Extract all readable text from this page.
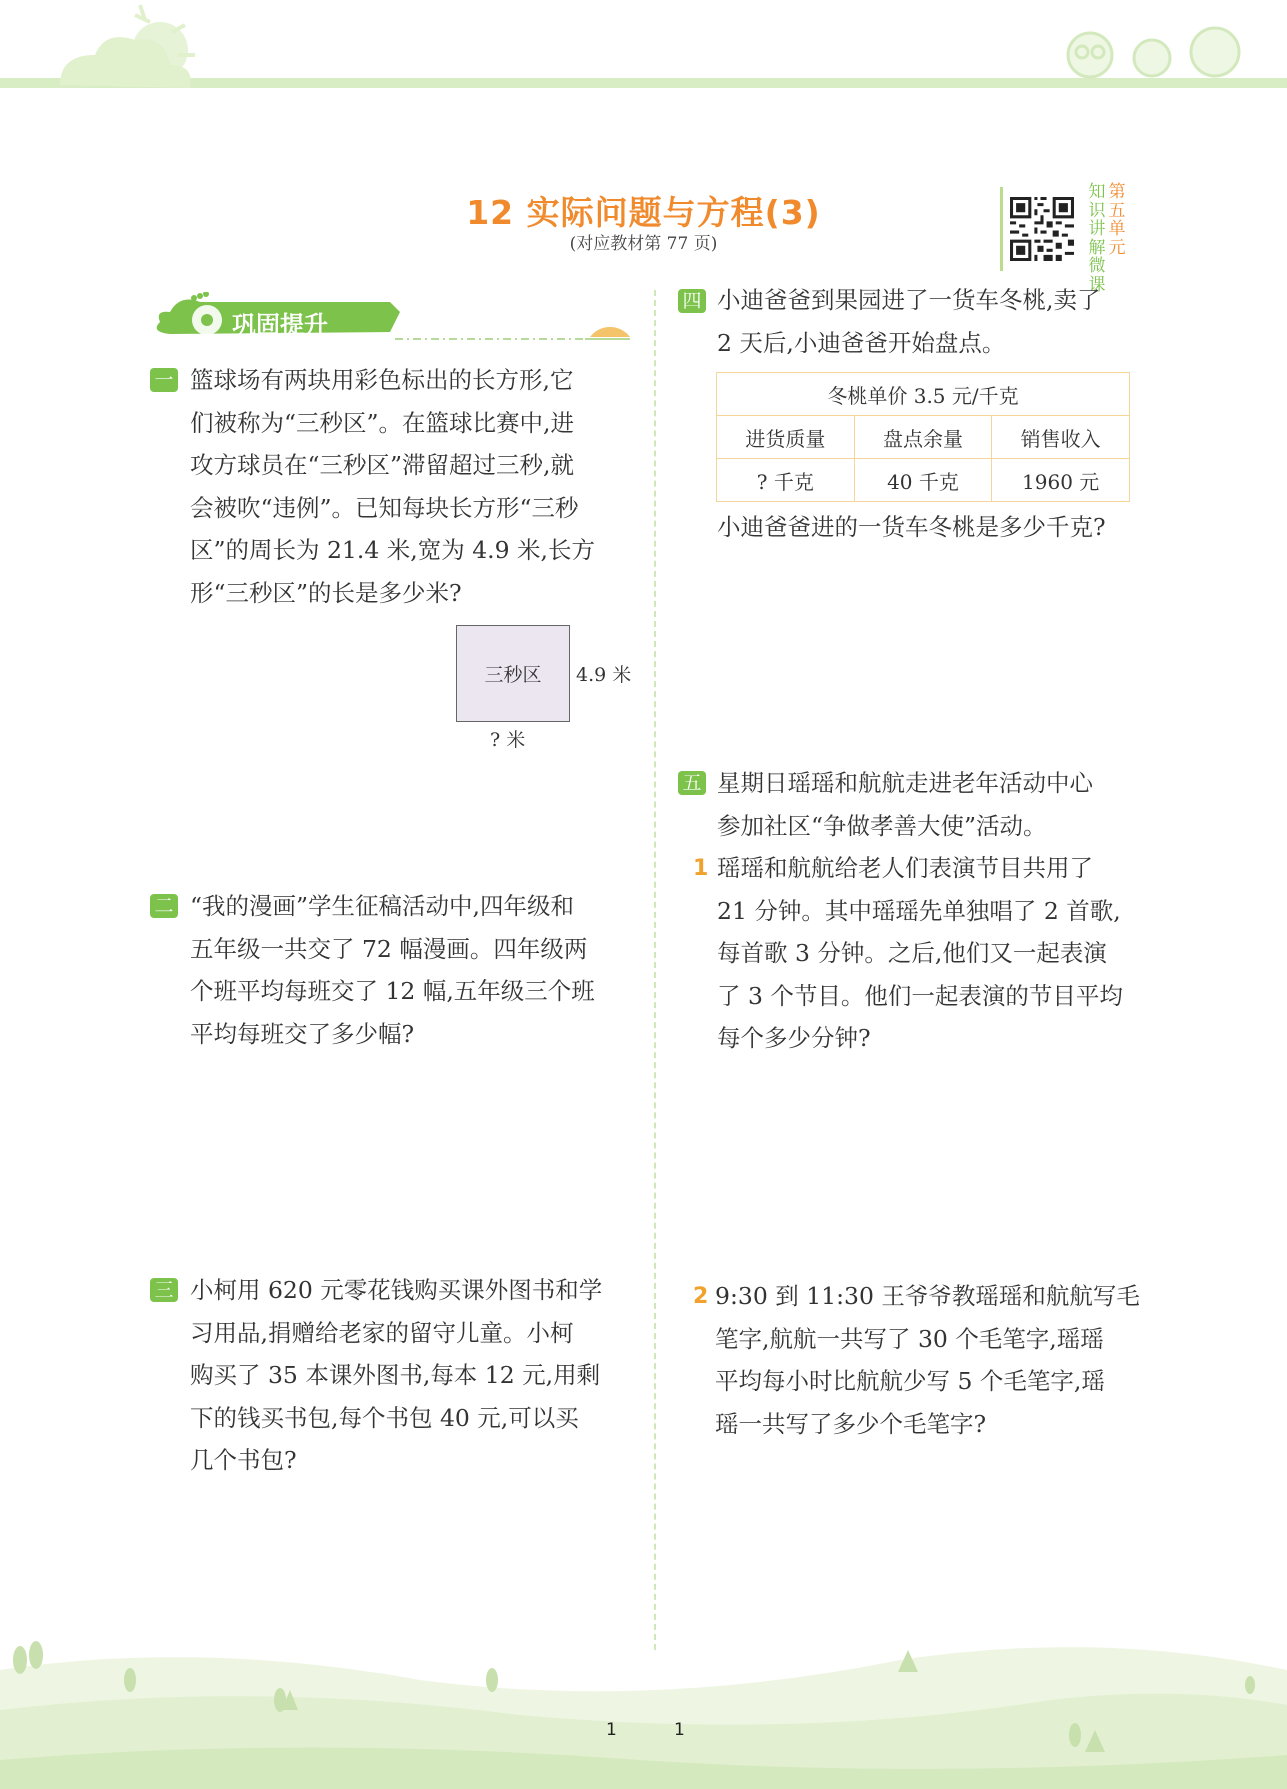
12 实际问题与方程(3)
(对应教材第 77 页)
知识讲解微课
第五单元
巩固提升
一 篮球场有两块用彩色标出的长方形,它
们被称为“三秒区”。在篮球比赛中,进
攻方球员在“三秒区”滞留超过三秒,就
会被吹“违例”。已知每块长方形“三秒
区”的周长为 21.4 米,宽为 4.9 米,长方
形“三秒区”的长是多少米?
三秒区 4.9 米
? 米
二 “我的漫画”学生征稿活动中,四年级和
五年级一共交了 72 幅漫画。四年级两
个班平均每班交了 12 幅,五年级三个班
平均每班交了多少幅?
三 小柯用 620 元零花钱购买课外图书和学
习用品,捐赠给老家的留守儿童。小柯
购买了 35 本课外图书,每本 12 元,用剩
下的钱买书包,每个书包 40 元,可以买
几个书包?
四 小迪爸爸到果园进了一货车冬桃,卖了
2 天后,小迪爸爸开始盘点。
冬桃单价 3.5 元/千克		
进货质量	盘点余量	销售收入
? 千克	40 千克	1960 元
小迪爸爸进的一货车冬桃是多少千克?
五 星期日瑶瑶和航航走进老年活动中心
参加社区“争做孝善大使”活动。
1 瑶瑶和航航给老人们表演节目共用了
21 分钟。其中瑶瑶先单独唱了 2 首歌,
每首歌 3 分钟。之后,他们又一起表演
了 3 个节目。他们一起表演的节目平均
每个多少分钟?
2 9:30 到 11:30 王爷爷教瑶瑶和航航写毛
笔字,航航一共写了 30 个毛笔字,瑶瑶
平均每小时比航航少写 5 个毛笔字,瑶
瑶一共写了多少个毛笔字?
1	1
